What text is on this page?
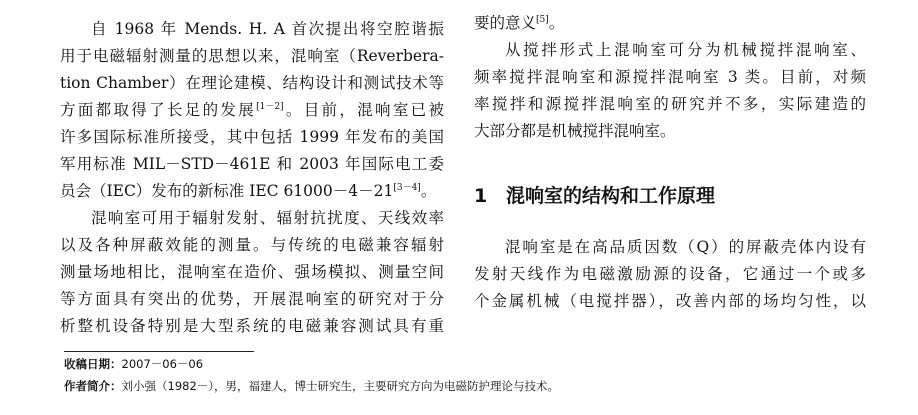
自 1968 年 Mends. H. A 首次提出将空腔谐振
用于电磁辐射测量的思想以来，混响室（Reverbera-
tion Chamber）在理论建模、结构设计和测试技术等
方面都取得了长足的发展[1－2]。目前，混响室已被
许多国际标准所接受，其中包括 1999 年发布的美国
军用标准 MIL－STD－461E 和 2003 年国际电工委
员会（IEC）发布的新标准 IEC 61000－4－21[3－4]。
混响室可用于辐射发射、辐射抗扰度、天线效率
以及各种屏蔽效能的测量。与传统的电磁兼容辐射
测量场地相比，混响室在造价、强场模拟、测量空间
等方面具有突出的优势，开展混响室的研究对于分
析整机设备特别是大型系统的电磁兼容测试具有重
要的意义[5]。
从搅拌形式上混响室可分为机械搅拌混响室、
频率搅拌混响室和源搅拌混响室 3 类。目前，对频
率搅拌和源搅拌混响室的研究并不多，实际建造的
大部分都是机械搅拌混响室。
1 混响室的结构和工作原理
混响室是在高品质因数（Q）的屏蔽壳体内设有
发射天线作为电磁激励源的设备，它通过一个或多
个金属机械（电搅拌器），改善内部的场均匀性，以
收稿日期：2007－06－06
作者简介：刘小强（1982－），男，福建人，博士研究生，主要研究方向为电磁防护理论与技术。
